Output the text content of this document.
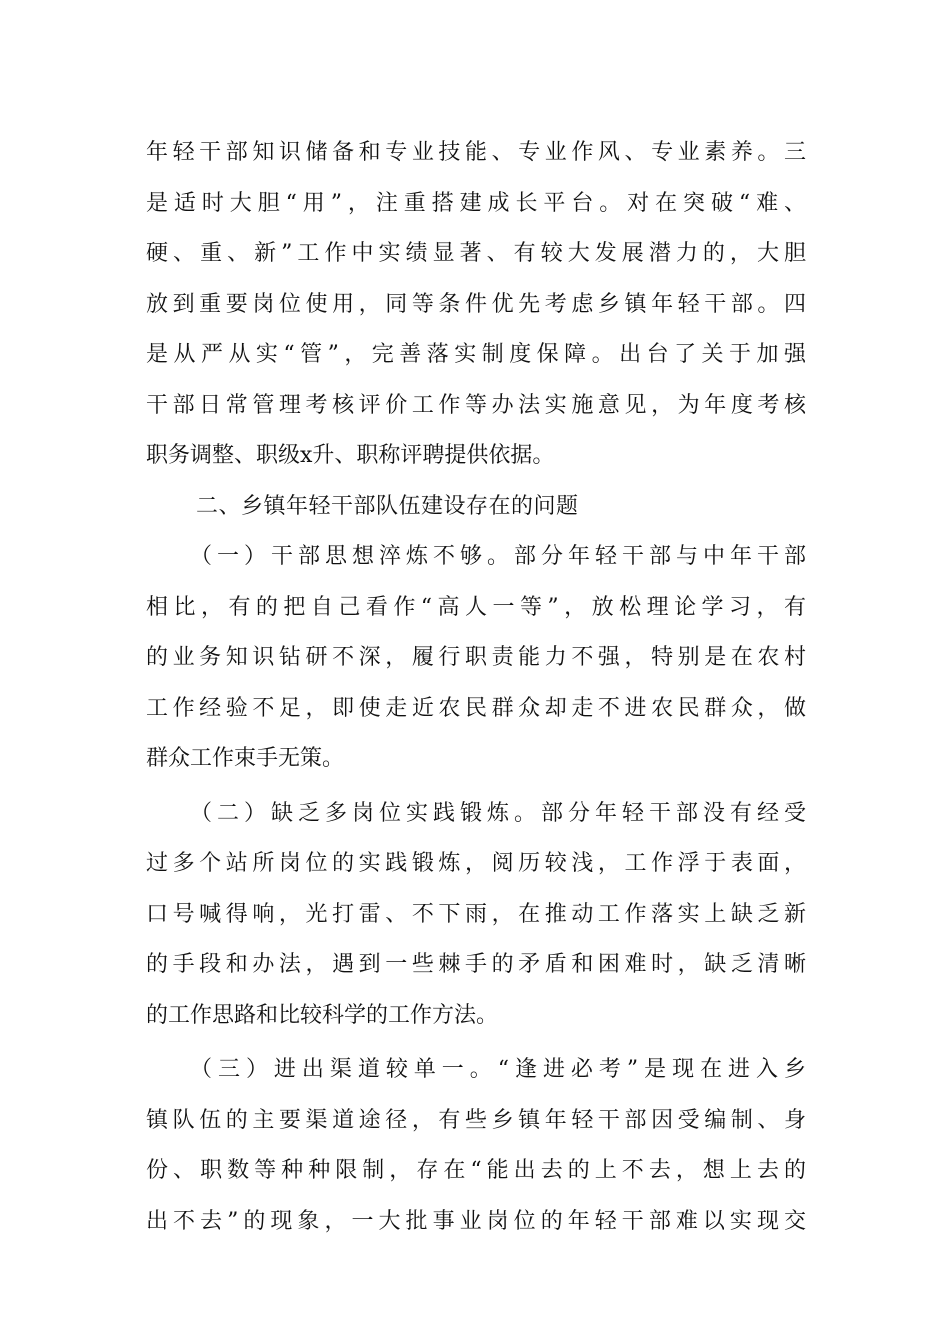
年轻干部知识储备和专业技能、专业作风、专业素养。三
是适时大胆“用”，注重搭建成长平台。对在突破“难、
硬、重、新”工作中实绩显著、有较大发展潜力的，大胆
放到重要岗位使用，同等条件优先考虑乡镇年轻干部。四
是从严从实“管”，完善落实制度保障。出台了关于加强
干部日常管理考核评价工作等办法实施意见，为年度考核
职务调整、职级x升、职称评聘提供依据。
二、乡镇年轻干部队伍建设存在的问题
（一）干部思想淬炼不够。部分年轻干部与中年干部
相比，有的把自己看作“高人一等”，放松理论学习，有
的业务知识钻研不深，履行职责能力不强，特别是在农村
工作经验不足，即使走近农民群众却走不进农民群众，做
群众工作束手无策。
（二）缺乏多岗位实践锻炼。部分年轻干部没有经受
过多个站所岗位的实践锻炼，阅历较浅，工作浮于表面，
口号喊得响，光打雷、不下雨，在推动工作落实上缺乏新
的手段和办法，遇到一些棘手的矛盾和困难时，缺乏清晰
的工作思路和比较科学的工作方法。
（三）进出渠道较单一。“逢进必考”是现在进入乡
镇队伍的主要渠道途径，有些乡镇年轻干部因受编制、身
份、职数等种种限制，存在“能出去的上不去，想上去的
出不去”的现象，一大批事业岗位的年轻干部难以实现交
